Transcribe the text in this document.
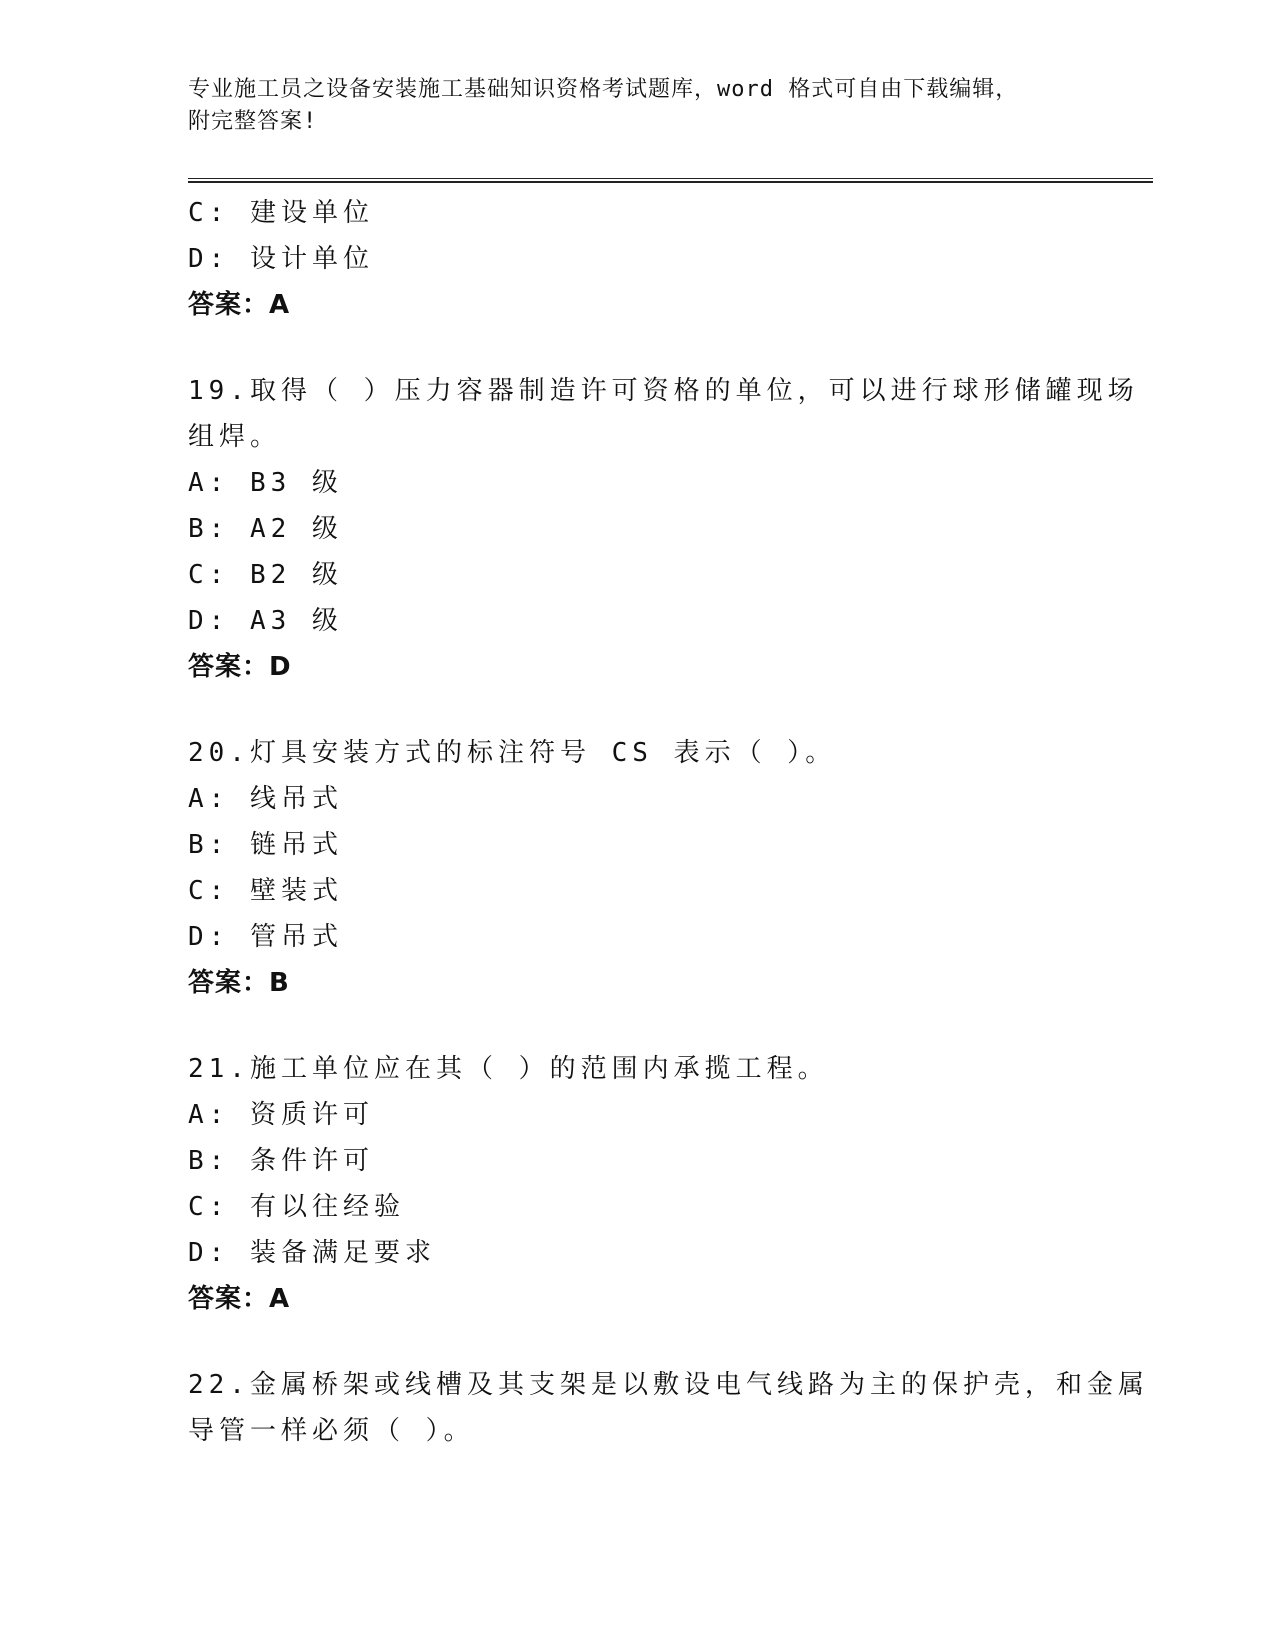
专业施工员之设备安装施工基础知识资格考试题库，word 格式可自由下载编辑，
附完整答案!
C: 建设单位
D: 设计单位
答案：A
19.取得（ ）压力容器制造许可资格的单位，可以进行球形储罐现场
组焊。
A: B3 级
B: A2 级
C: B2 级
D: A3 级
答案：D
20.灯具安装方式的标注符号 CS 表示（ ）。
A: 线吊式
B: 链吊式
C: 壁装式
D: 管吊式
答案：B
21.施工单位应在其（ ）的范围内承揽工程。
A: 资质许可
B: 条件许可
C: 有以往经验
D: 装备满足要求
答案：A
22.金属桥架或线槽及其支架是以敷设电气线路为主的保护壳，和金属
导管一样必须（ ）。
